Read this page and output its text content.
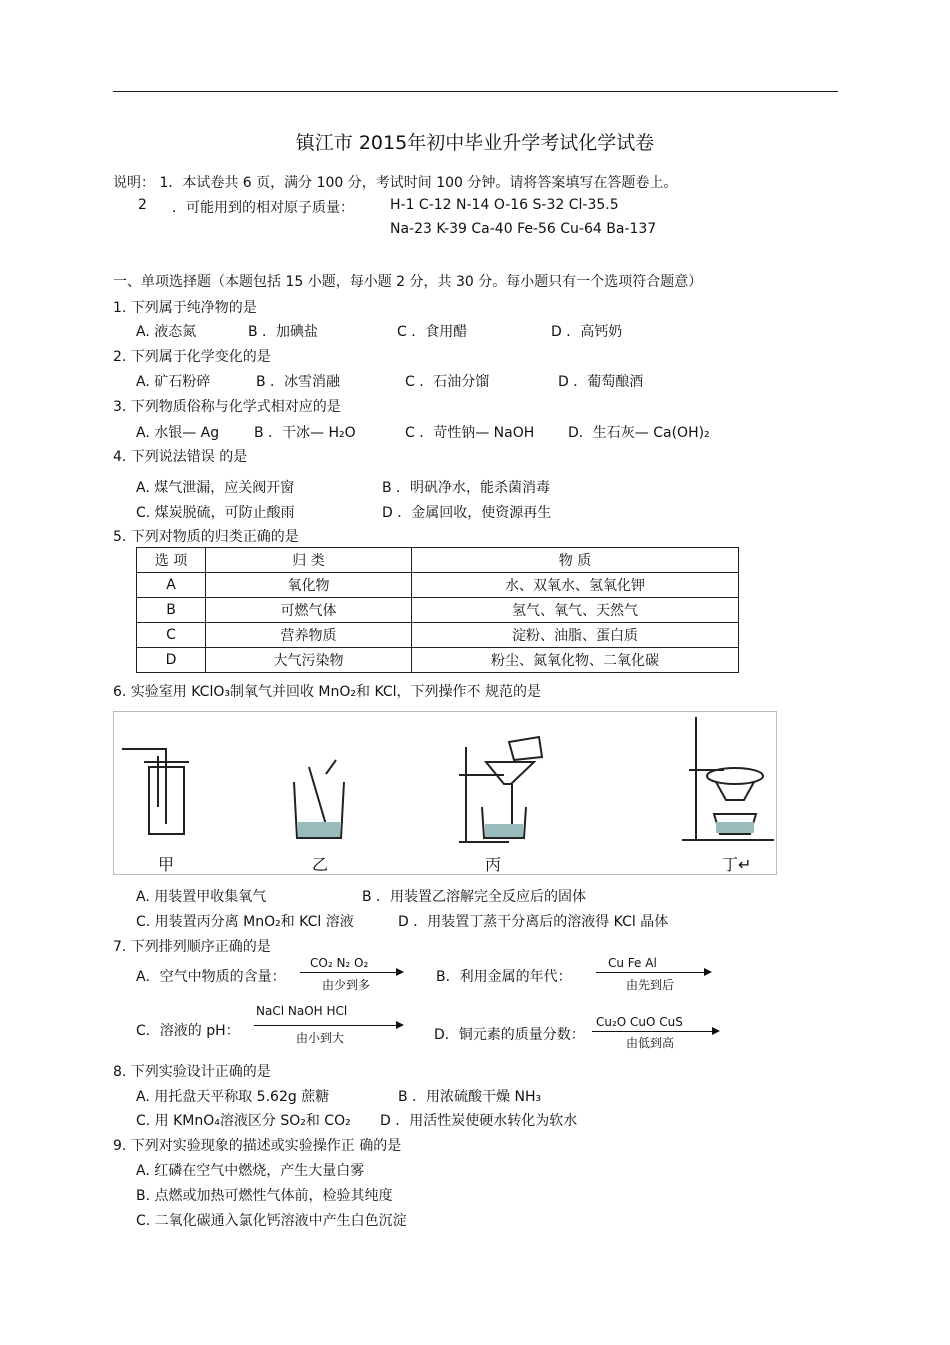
镇江市 2015年初中毕业升学考试化学试卷
说明： 1．本试卷共 6 页，满分 100 分，考试时间 100 分钟。请将答案填写在答题卷上。
2 ．可能用到的相对原子质量：	H-1 C-12 N-14 O-16 S-32 Cl-35.5
Na-23 K-39 Ca-40 Fe-56 Cu-64 Ba-137
一、单项选择题（本题包括 15 小题，每小题 2 分，共 30 分。每小题只有一个选项符合题意）
1. 下列属于纯净物的是
A. 液态氮	B ．加碘盐	C ．食用醋	D ．高钙奶
2. 下列属于化学变化的是
A. 矿石粉碎	B ．冰雪消融	C ．石油分馏	D ．葡萄酿酒
3. 下列物质俗称与化学式相对应的是
A. 水银— Ag B ．干冰— H₂O	C ．苛性钠— NaOH D．生石灰— Ca(OH)₂
4. 下列说法错误 的是
A. 煤气泄漏，应关阀开窗	B ．明矾净水，能杀菌消毒
C. 煤炭脱硫，可防止酸雨	D ．金属回收，使资源再生
5. 下列对物质的归类正确的是
选 项	归 类	物 质
A	氧化物	水、双氧水、氢氧化钾
B	可燃气体	氢气、氧气、天然气
C	营养物质	淀粉、油脂、蛋白质
D	大气污染物	粉尘、氮氧化物、二氧化碳
6. 实验室用 KClO₃制氧气并回收 MnO₂和 KCl，下列操作不 规范的是
甲	乙	丙	丁↵
A. 用装置甲收集氧气	B ．用装置乙溶解完全反应后的固体
C. 用装置丙分离 MnO₂和 KCl 溶液	D ．用装置丁蒸干分离后的溶液得 KCl 晶体
7. 下列排列顺序正确的是
A．空气中物质的含量：
CO₂ N₂ O₂
由少到多	B．利用金属的年代：
Cu Fe Al
由先到后
C．溶液的 pH：
NaCl NaOH HCl
由小到大	D．铜元素的质量分数：
Cu₂O CuO CuS
由低到高
8. 下列实验设计正确的是
A. 用托盘天平称取 5.62g 蔗糖	B ．用浓硫酸干燥 NH₃
C. 用 KMnO₄溶液区分 SO₂和 CO₂ D ．用活性炭使硬水转化为软水
9. 下列对实验现象的描述或实验操作正 确的是
A. 红磷在空气中燃烧，产生大量白雾
B. 点燃或加热可燃性气体前，检验其纯度
C. 二氧化碳通入氯化钙溶液中产生白色沉淀
